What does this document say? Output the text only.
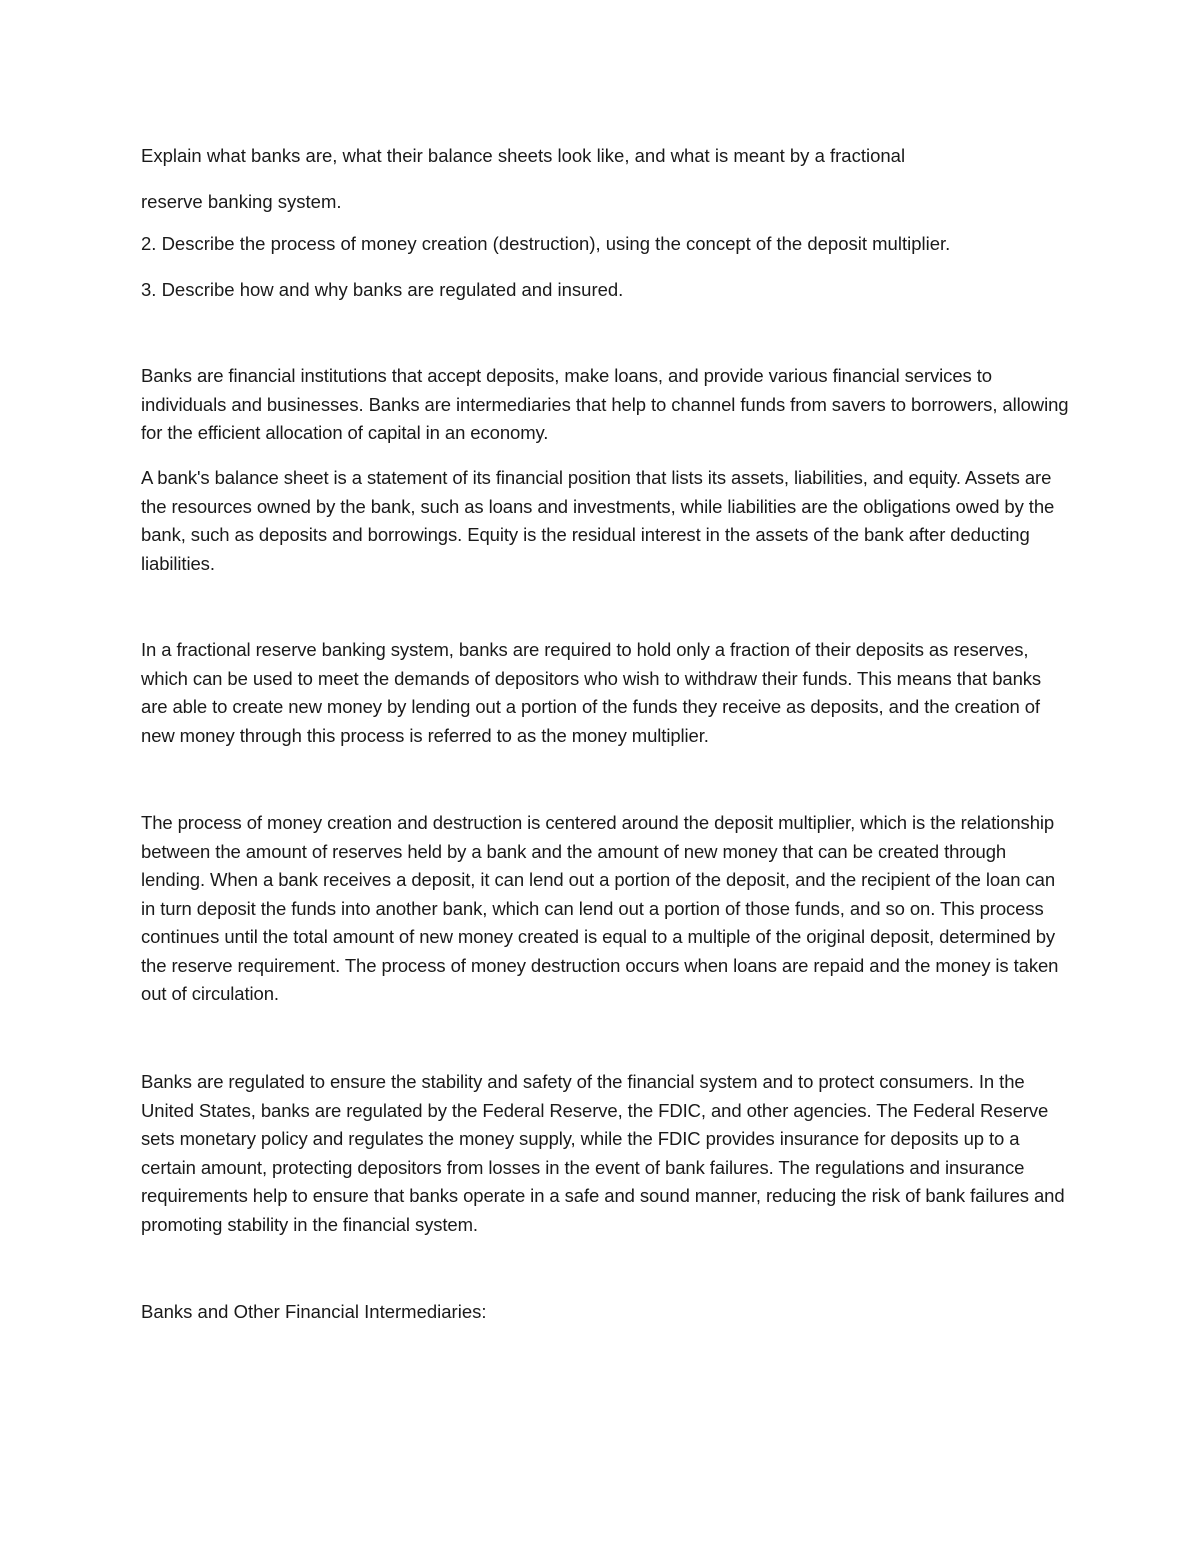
Explain what banks are, what their balance sheets look like, and what is meant by a fractional

reserve banking system.

2. Describe the process of money creation (destruction), using the concept of the deposit multiplier.

3. Describe how and why banks are regulated and insured.

Banks are financial institutions that accept deposits, make loans, and provide various financial services to individuals and businesses. Banks are intermediaries that help to channel funds from savers to borrowers, allowing for the efficient allocation of capital in an economy.

A bank's balance sheet is a statement of its financial position that lists its assets, liabilities, and equity. Assets are the resources owned by the bank, such as loans and investments, while liabilities are the obligations owed by the bank, such as deposits and borrowings. Equity is the residual interest in the assets of the bank after deducting liabilities.

In a fractional reserve banking system, banks are required to hold only a fraction of their deposits as reserves, which can be used to meet the demands of depositors who wish to withdraw their funds. This means that banks are able to create new money by lending out a portion of the funds they receive as deposits, and the creation of new money through this process is referred to as the money multiplier.

The process of money creation and destruction is centered around the deposit multiplier, which is the relationship between the amount of reserves held by a bank and the amount of new money that can be created through lending. When a bank receives a deposit, it can lend out a portion of the deposit, and the recipient of the loan can in turn deposit the funds into another bank, which can lend out a portion of those funds, and so on. This process continues until the total amount of new money created is equal to a multiple of the original deposit, determined by the reserve requirement. The process of money destruction occurs when loans are repaid and the money is taken out of circulation.

Banks are regulated to ensure the stability and safety of the financial system and to protect consumers. In the United States, banks are regulated by the Federal Reserve, the FDIC, and other agencies. The Federal Reserve sets monetary policy and regulates the money supply, while the FDIC provides insurance for deposits up to a certain amount, protecting depositors from losses in the event of bank failures. The regulations and insurance requirements help to ensure that banks operate in a safe and sound manner, reducing the risk of bank failures and promoting stability in the financial system.

Banks and Other Financial Intermediaries:
